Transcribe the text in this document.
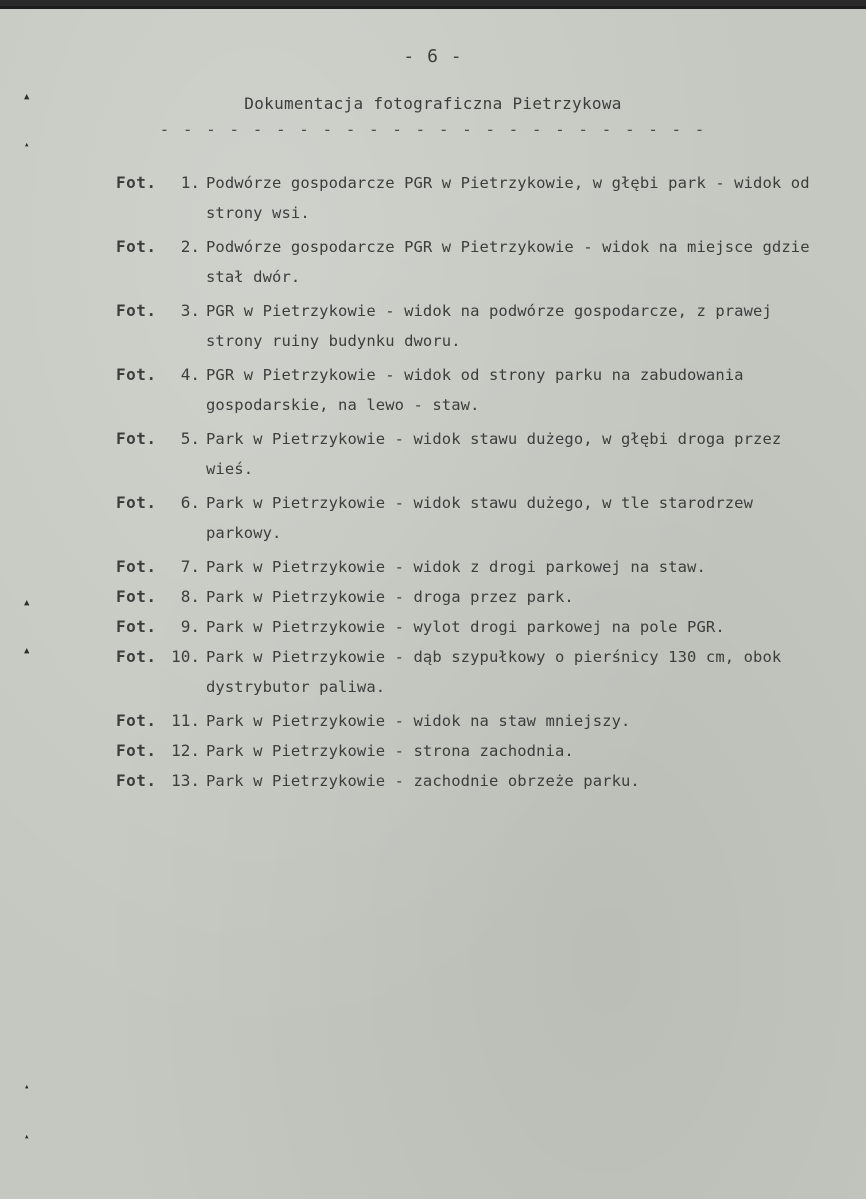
- 6 -
Dokumentacja fotograficzna Pietrzykowa
- - - - - - - - - - - - - - - - - - - - - - - -
Fot.	1. Podwórze gospodarcze PGR w Pietrzykowie, w głębi park - widok od strony wsi.
Fot.	2. Podwórze gospodarcze PGR w Pietrzykowie - widok na miejsce gdzie stał dwór.
Fot.	3. PGR w Pietrzykowie - widok na podwórze gospodarcze, z prawej strony ruiny budynku dworu.
Fot.	4. PGR w Pietrzykowie - widok od strony parku na zabudowania gospodarskie, na lewo - staw.
Fot.	5. Park w Pietrzykowie - widok stawu dużego, w głębi droga przez wieś.
Fot.	6. Park w Pietrzykowie - widok stawu dużego, w tle starodrzew parkowy.
Fot.	7. Park w Pietrzykowie - widok z drogi parkowej na staw.
Fot.	8. Park w Pietrzykowie - droga przez park.
Fot.	9. Park w Pietrzykowie - wylot drogi parkowej na pole PGR.
Fot. 10. Park w Pietrzykowie - dąb szypułkowy o pierśnicy 130 cm, obok dystrybutor paliwa.
Fot. 11. Park w Pietrzykowie - widok na staw mniejszy.
Fot. 12. Park w Pietrzykowie - strona zachodnia.
Fot. 13. Park w Pietrzykowie - zachodnie obrzeże parku.
▲
▴
▲
▲
▴
▴
